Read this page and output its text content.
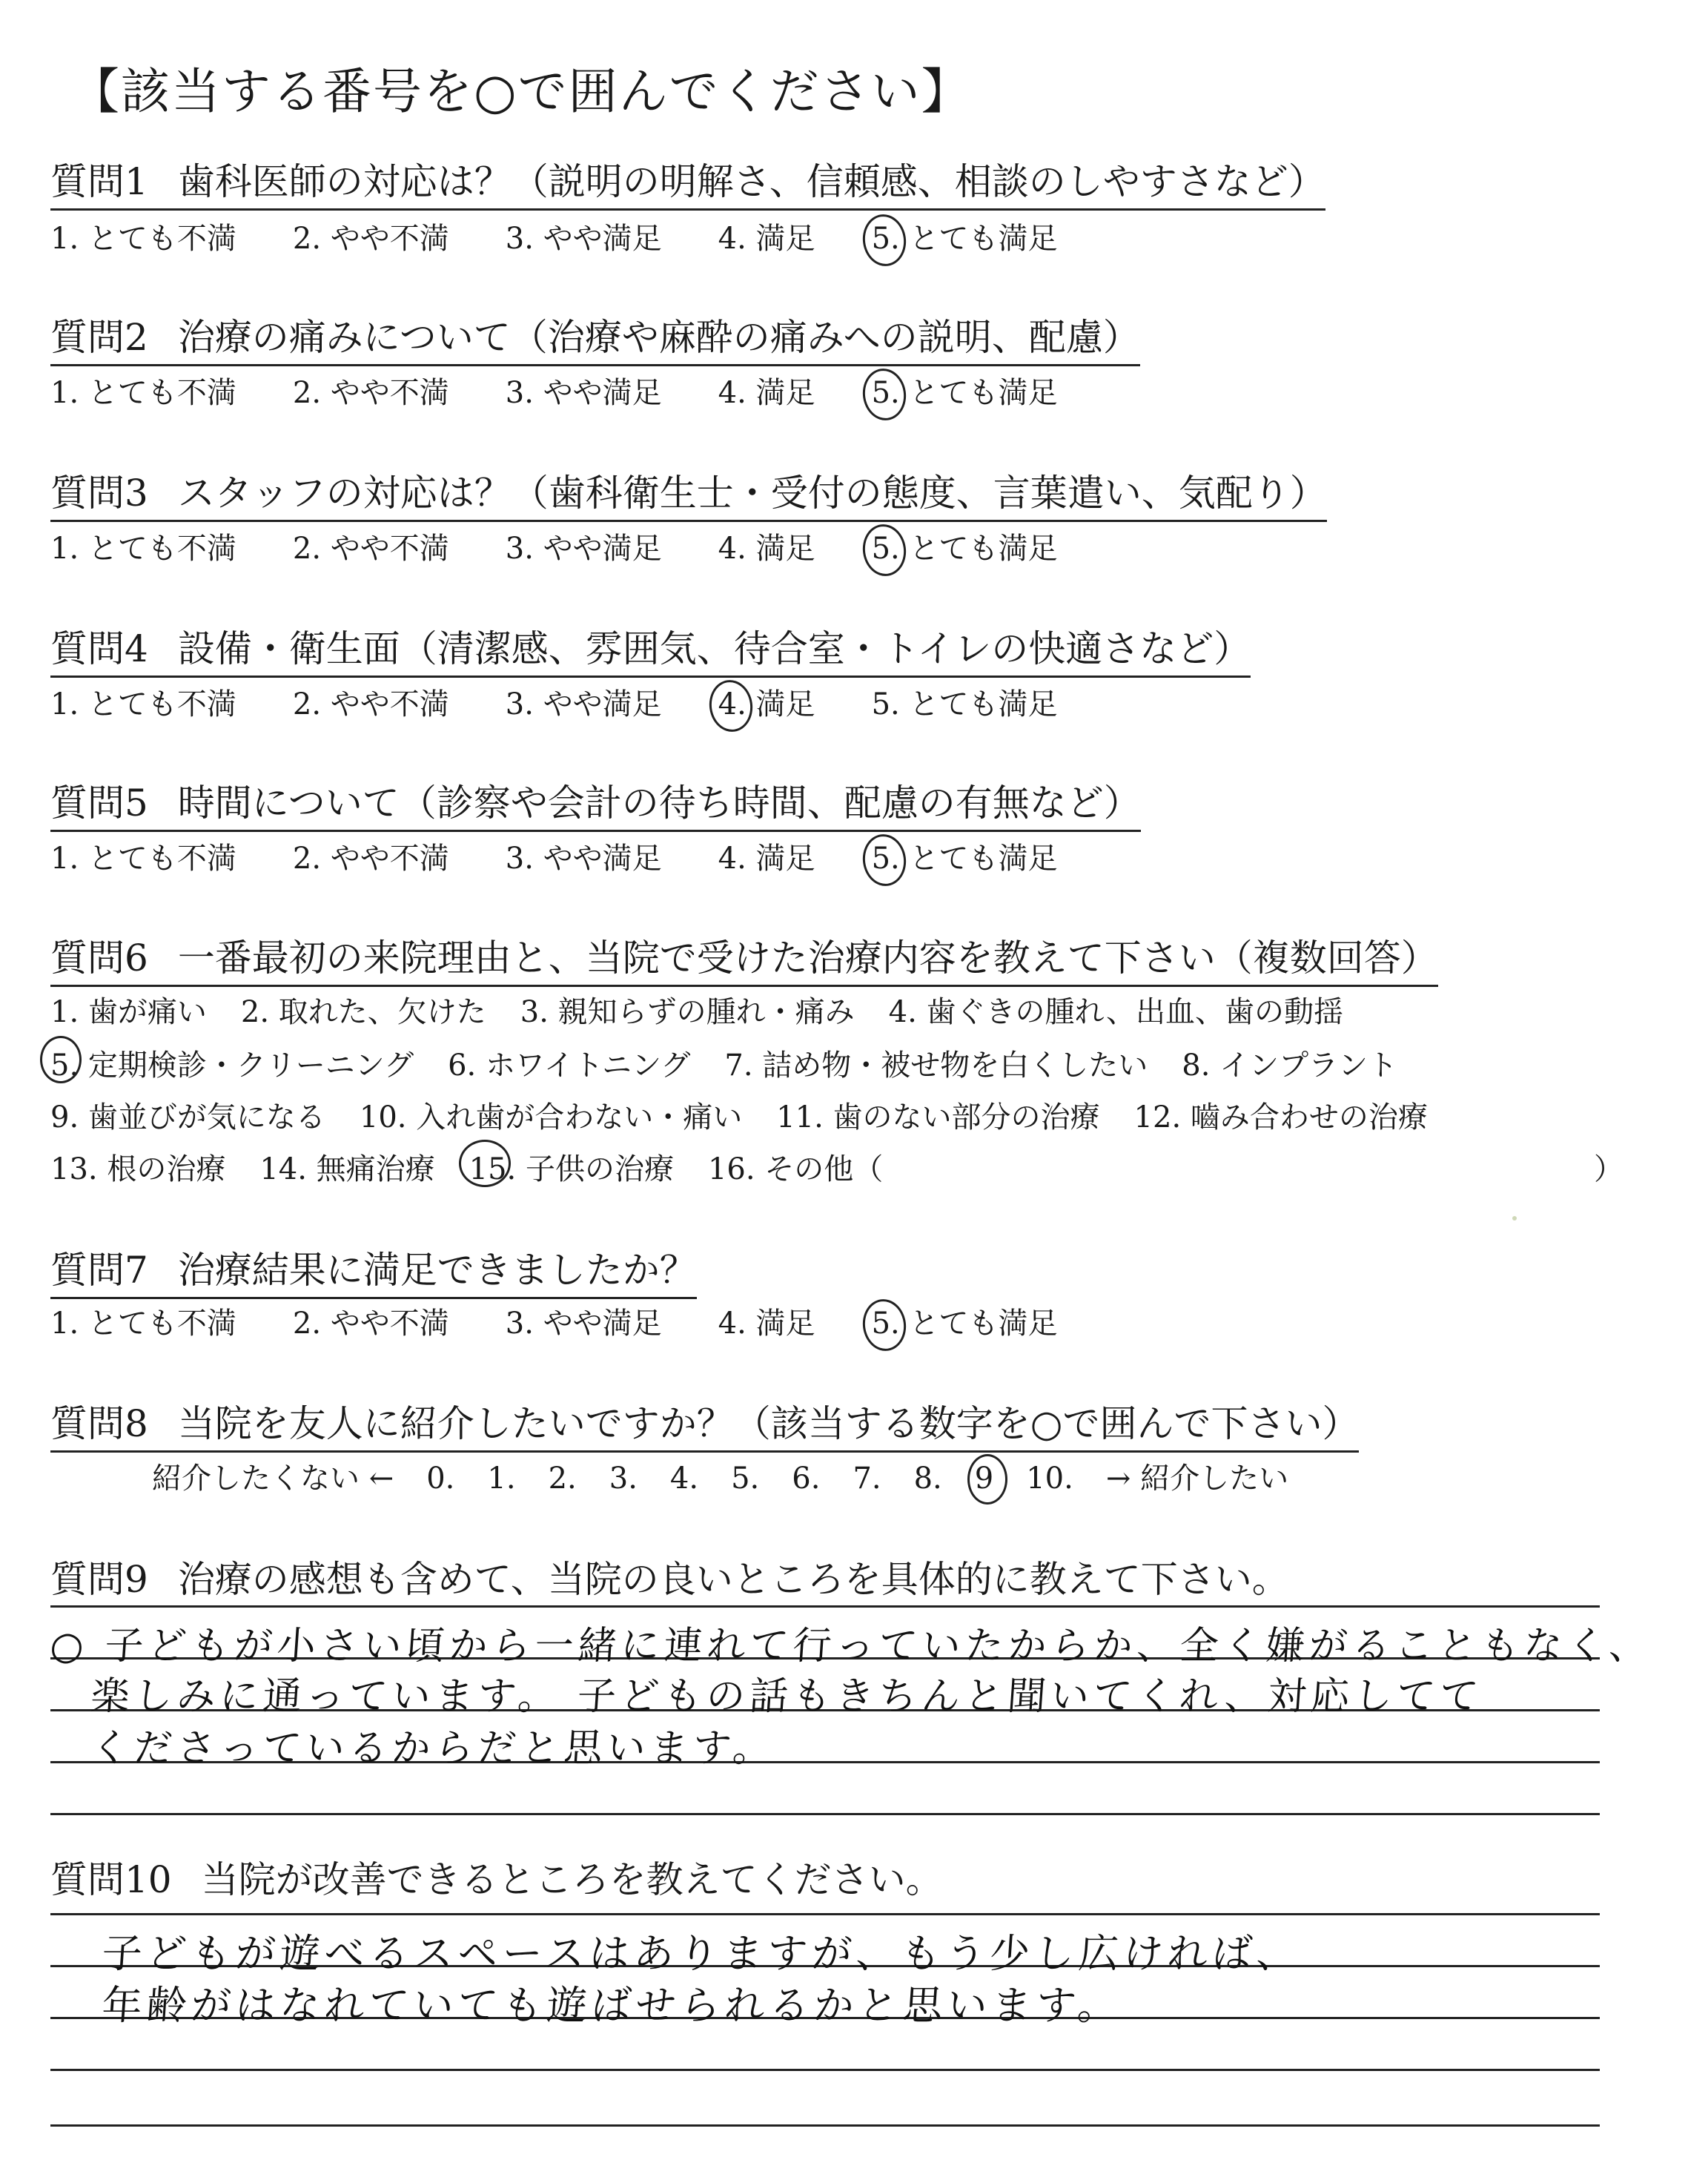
【該当する番号を○で囲んでください】
質問1 歯科医師の対応は？（説明の明解さ、信頼感、相談のしやすさなど）
1. とても不満 2. やや不満 3. やや満足 4. 満足 5. とても満足
質問2 治療の痛みについて（治療や麻酔の痛みへの説明、配慮）
1. とても不満 2. やや不満 3. やや満足 4. 満足 5. とても満足
質問3 スタッフの対応は？（歯科衛生士・受付の態度、言葉遣い、気配り）
1. とても不満 2. やや不満 3. やや満足 4. 満足 5. とても満足
質問4 設備・衛生面（清潔感、雰囲気、待合室・トイレの快適さなど）
1. とても不満 2. やや不満 3. やや満足 4. 満足 5. とても満足
質問5 時間について（診察や会計の待ち時間、配慮の有無など）
1. とても不満 2. やや不満 3. やや満足 4. 満足 5. とても満足
質問6 一番最初の来院理由と、当院で受けた治療内容を教えて下さい（複数回答）
1. 歯が痛い 2. 取れた、欠けた 3. 親知らずの腫れ・痛み 4. 歯ぐきの腫れ、出血、歯の動揺
5. 定期検診・クリーニング 6. ホワイトニング 7. 詰め物・被せ物を白くしたい 8. インプラント
9. 歯並びが気になる 10. 入れ歯が合わない・痛い 11. 歯のない部分の治療 12. 嚙み合わせの治療
13. 根の治療 14. 無痛治療 15. 子供の治療 16. その他（	）
質問7 治療結果に満足できましたか？
1. とても不満 2. やや不満 3. やや満足 4. 満足 5. とても満足
質問8 当院を友人に紹介したいですか？（該当する数字を○で囲んで下さい）
紹介したくない ← 0. 1. 2. 3. 4. 5. 6. 7. 8. 9 10. → 紹介したい
質問9 治療の感想も含めて、当院の良いところを具体的に教えて下さい。
○ 子どもが小さい頃から一緒に連れて行っていたからか、全く嫌がることもなく、
楽しみに通っています。 子どもの話もきちんと聞いてくれ、対応してて
くださっているからだと思います。
質問10 当院が改善できるところを教えてください。
子どもが遊べるスペースはありますが、もう少し広ければ、
年齢がはなれていても遊ばせられるかと思います。
